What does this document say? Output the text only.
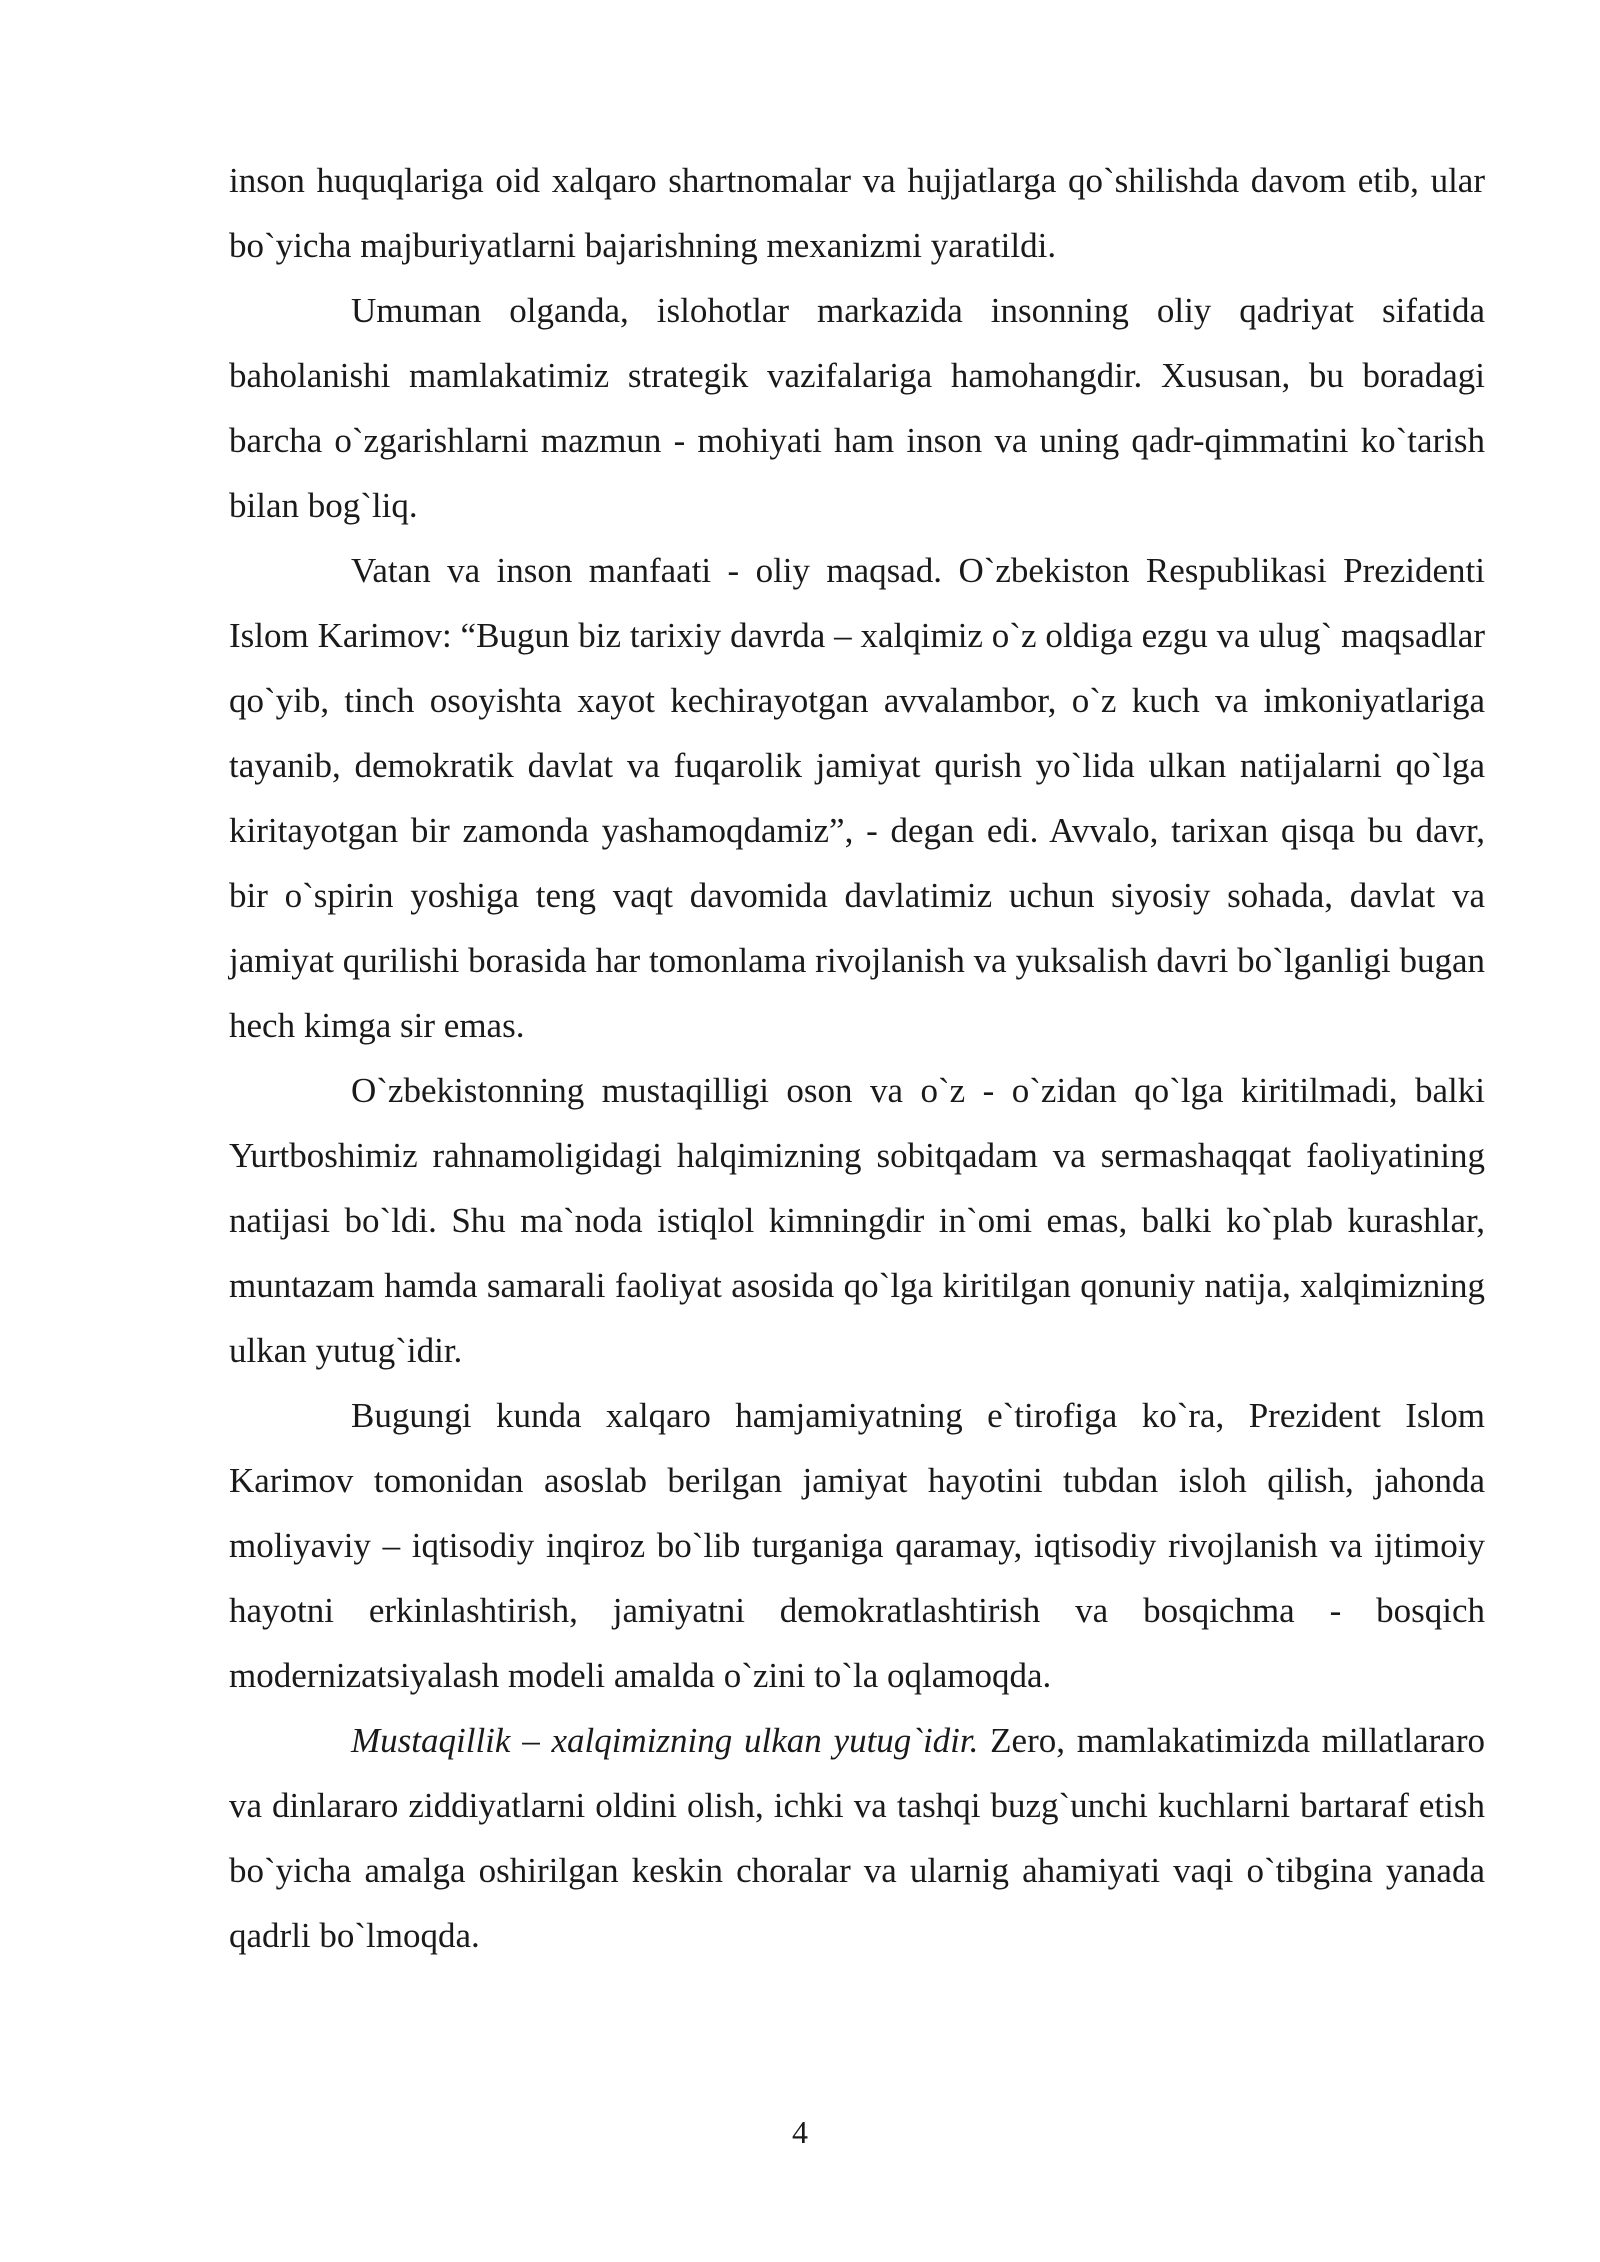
inson huquqlariga oid xalqaro shartnomalar va hujjatlarga qo`shilishda davom etib, ular bo`yicha majburiyatlarni bajarishning mexanizmi yaratildi.

Umuman olganda, islohotlar markazida insonning oliy qadriyat sifatida baholanishi mamlakatimiz strategik vazifalariga hamohangdir. Xususan, bu boradagi barcha o`zgarishlarni mazmun - mohiyati ham inson va uning qadr-qimmatini ko`tarish bilan bog`liq.

Vatan va inson manfaati - oliy maqsad. O`zbekiston Respublikasi Prezidenti Islom Karimov: “Bugun biz tarixiy davrda – xalqimiz o`z oldiga ezgu va ulug` maqsadlar qo`yib, tinch osoyishta xayot kechirayotgan avvalambor, o`z kuch va imkoniyatlariga tayanib, demokratik davlat va fuqarolik jamiyat qurish yo`lida ulkan natijalarni qo`lga kiritayotgan bir zamonda yashamoqdamiz”, - degan edi. Avvalo, tarixan qisqa bu davr, bir o`spirin yoshiga teng vaqt davomida davlatimiz uchun siyosiy sohada, davlat va jamiyat qurilishi borasida har tomonlama rivojlanish va yuksalish davri bo`lganligi bugan hech kimga sir emas.

O`zbekistonning mustaqilligi oson va o`z - o`zidan qo`lga kiritilmadi, balki Yurtboshimiz rahnamoligidagi halqimizning sobitqadam va sermashaqqat faoliyatining natijasi bo`ldi. Shu ma`noda istiqlol kimningdir in`omi emas, balki ko`plab kurashlar, muntazam hamda samarali faoliyat asosida qo`lga kiritilgan qonuniy natija, xalqimizning ulkan yutug`idir.

Bugungi kunda xalqaro hamjamiyatning e`tirofiga ko`ra, Prezident Islom Karimov tomonidan asoslab berilgan jamiyat hayotini tubdan isloh qilish, jahonda moliyaviy – iqtisodiy inqiroz bo`lib turganiga qaramay, iqtisodiy rivojlanish va ijtimoiy hayotni erkinlashtirish, jamiyatni demokratlashtirish va bosqichma - bosqich modernizatsiyalash modeli amalda o`zini to`la oqlamoqda.

Mustaqillik – xalqimizning ulkan yutug`idir. Zero, mamlakatimizda millatlararo va dinlararo ziddiyatlarni oldini olish, ichki va tashqi buzg`unchi kuchlarni bartaraf etish bo`yicha amalga oshirilgan keskin choralar va ularnig ahamiyati vaqi o`tibgina yanada qadrli bo`lmoqda.

4
